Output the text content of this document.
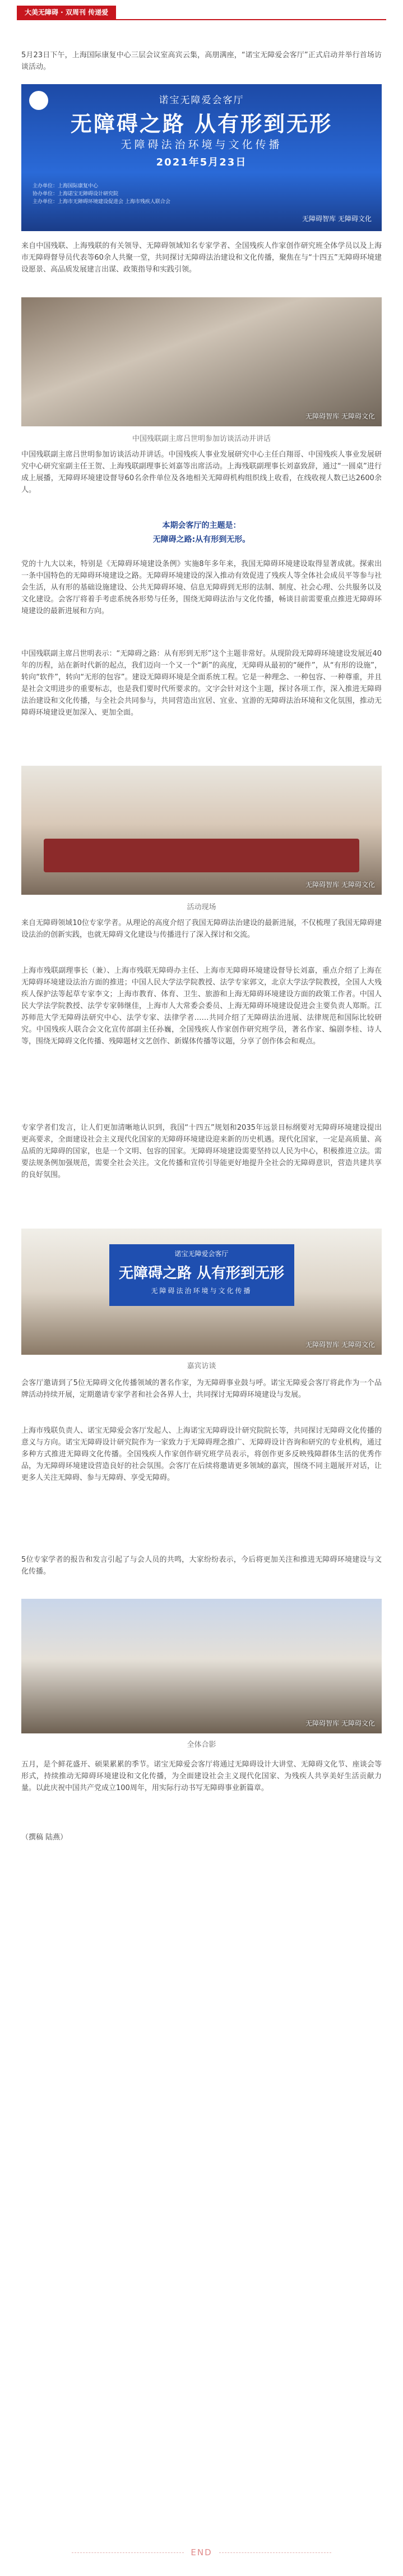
大美无障碍 · 双周刊 传递爱

5月23日下午，上海国际康复中心三层会议室高宾云集，高朋满座，“诺宝无障爱会客厅”正式启动并举行首场访谈活动。

诺宝无障爱会客厅
无障碍之路 从有形到无形
无障碍法治环境与文化传播
2021年5月23日
主办单位：上海国际康复中心
协办单位：上海诺宝无障碍设计研究院
主办单位：上海市无障碍环境建设促进会 上海市残疾人联合会
无障碍智库 无障碍文化

来自中国残联、上海残联的有关领导、无障碍领域知名专家学者、全国残疾人作家创作研究班全体学员以及上海市无障碍督导员代表等60余人共聚一堂，共同探讨无障碍法治建设和文化传播，聚焦在与“十四五”无障碍环境建设愿景、高品质发展建言出谋、政策指导和实践引领。

无障碍智库 无障碍文化

中国残联副主席吕世明参加访谈活动并讲话

中国残联副主席吕世明参加访谈活动并讲话。中国残疾人事业发展研究中心主任白翔哥、中国残疾人事业发展研究中心研究室副主任王贺、上海残联副理事长刘嘉等出席活动。上海残联副理事长刘嘉致辞，通过“一圆桌”进行成上展播，无障碍环境建设督导60名余件单位及各地相关无障碍机构组织线上收看，在线收视人数已达2600余人。

本期会客厅的主题是：

无障碍之路:从有形到无形。

党的十九大以来，特别是《无障碍环境建设条例》实施8年多年来，我国无障碍环境建设取得显著成就。探索出一条中国特色的无障碍环境建设之路。无障碍环境建设的深入推动有效促进了残疾人等全体社会成员平等参与社会生活，从有形的基础设施建设、公共无障碍环境、信息无障碍到无形的法制、制度、社会心理、公共服务以及文化建设。会客厅将着手考虑系统各形势与任务，围绕无障碍法治与文化传播，畅谈目前需要重点推进无障碍环境建设的最新进展和方向。

中国残联副主席吕世明表示：“无障碍之路：从有形到无形”这个主题非常好。从现阶段无障碍环境建设发展近40年的历程，站在新时代新的起点，我们迈向一个又一个“新”的高度，无障碍从最初的“硬件”，从“有形的设施”，转向“软件”，转向“无形的包容”。建设无障碍环境是全面系统工程。它是一种理念、一种包容、一种尊重，并且是社会文明进步的重要标志，也是我们要时代所要求的。文字会针对这个主题，探讨各项工作，深入推进无障碍法治建设和文化传播，与全社会共同参与，共同营造出宜居、宜业、宜游的无障碍法治环境和文化氛围，推动无障碍环境建设更加深入、更加全面。

无障碍智库 无障碍文化

活动现场

来自无障碍领域10位专家学者。从理论的高度介绍了我国无障碍法治建设的最新进展，不仅梳理了我国无障碍建设法治的创新实践，也就无障碍文化建设与传播进行了深入探讨和交流。

上海市残联副理事长（兼）、上海市残联无障碍办主任、上海市无障碍环境建设督导长刘嘉，重点介绍了上海在无障碍环境建设法治方面的推进；中国人民大学法学院教授、法学专家郭文，北京大学法学院教授，全国人大残疾人保护法等起草专家李文；上海市教育、体育、卫生、旅游和上海无障碍环境建设方面的政策工作者。中国人民大学法学院教授、法学专家韩继佳，上海市人大常委会委员、上海无障碍环境建设促进会主要负责人郑斯。江苏师范大学无障碍法研究中心、法学专家、法律学者……共同介绍了无障碍法治进展、法律规范和国际比较研究。中国残疾人联合会文化宣传部副主任孙巍，全国残疾人作家创作研究班学员，著名作家、编剧李桂、诗人等，围绕无障碍文化传播、残障题材文艺创作、新媒体传播等议题，分享了创作体会和观点。

专家学者们发言，让人们更加清晰地认识到，我国“十四五”规划和2035年远景目标纲要对无障碍环境建设提出更高要求，全面建设社会主义现代化国家的无障碍环境建设迎来新的历史机遇。现代化国家，一定是高质量、高品质的无障碍的国家，也是一个文明、包容的国家。无障碍环境建设需要坚持以人民为中心，积极推进立法。需要法规条例加强规范，需要全社会关注。文化传播和宣传引导能更好地提升全社会的无障碍意识，营造共建共享的良好氛围。

诺宝无障爱会客厅
无障碍之路 从有形到无形
无障碍法治环境与文化传播
无障碍智库 无障碍文化

嘉宾访谈

会客厅邀请到了5位无障碍文化传播领域的著名作家，为无障碍事业鼓与呼。诺宝无障爱会客厅将此作为一个品牌活动持续开展，定期邀请专家学者和社会各界人士，共同探讨无障碍环境建设与发展。

上海市残联负责人、诺宝无障爱会客厅发起人、上海诺宝无障碍设计研究院院长等，共同探讨无障碍文化传播的意义与方向。诺宝无障碍设计研究院作为一家致力于无障碍理念推广、无障碍设计咨询和研究的专业机构，通过多种方式推进无障碍文化传播。全国残疾人作家创作研究班学员表示，将创作更多反映残障群体生活的优秀作品，为无障碍环境建设营造良好的社会氛围。会客厅在后续将邀请更多领域的嘉宾，围绕不同主题展开对话，让更多人关注无障碍、参与无障碍、享受无障碍。

5位专家学者的报告和发言引起了与会人员的共鸣，大家纷纷表示，今后将更加关注和推进无障碍环境建设与文化传播。

无障碍智库 无障碍文化

全体合影

五月，是个鲜花盛开、硕果累累的季节。诺宝无障爱会客厅将通过无障碍设计大讲堂、无障碍文化节、座谈会等形式，持续推动无障碍环境建设和文化传播，为全面建设社会主义现代化国家、为残疾人共享美好生活贡献力量。以此庆祝中国共产党成立100周年，用实际行动书写无障碍事业新篇章。

（撰稿 陆燕）

END
